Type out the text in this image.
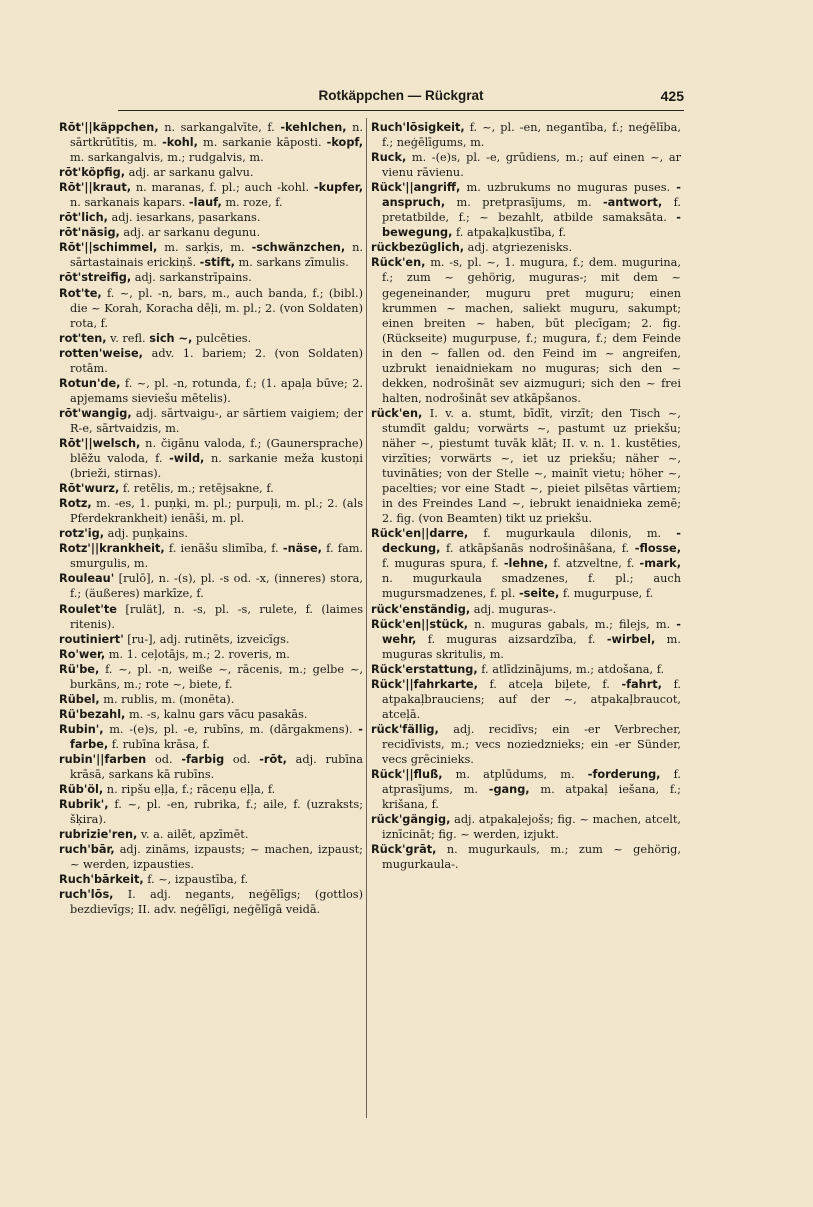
Rotkäppchen — Rückgrat	425

Rōt'||käppchen, n. sarkangalvīte, f. -kehlchen, n. sārtkrūtītis, m. -kohl, m. sarkanie kāposti. -kopf, m. sarkangalvis, m.; rudgalvis, m.

rōt'köpfig, adj. ar sarkanu galvu.

Rōt'||kraut, n. maranas, f. pl.; auch -kohl. -kupfer, n. sarkanais kapars. -lauf, m. roze, f.

rōt'lich, adj. iesarkans, pasarkans.

rōt'näsig, adj. ar sarkanu degunu.

Rōt'||schimmel, m. sarķis, m. -schwänzchen, n. sārtastainais erickiņš. -stift, m. sarkans zīmulis.

rōt'streifig, adj. sarkanstrīpains.

Rot'te, f. ~, pl. -n, bars, m., auch banda, f.; (bibl.) die ~ Korah, Koracha dēļi, m. pl.; 2. (von Soldaten) rota, f.

rot'ten, v. refl. sich ~, pulcēties.

rotten'weise, adv. 1. bariem; 2. (von Soldaten) rotām.

Rotun'de, f. ~, pl. -n, rotunda, f.; (1. apaļa būve; 2. apjemams sieviešu mētelis).

rōt'wangig, adj. sārtvaigu-, ar sārtiem vaigiem; der R-e, sārtvaidzis, m.

Rōt'||welsch, n. čigānu valoda, f.; (Gaunersprache) blēžu valoda, f. -wild, n. sarkanie meža kustoņi (brieži, stirnas).

Rōt'wurz, f. retēlis, m.; retējsakne, f.

Rotz, m. -es, 1. puņķi, m. pl.; purpuļi, m. pl.; 2. (als Pferdekrankheit) ienāši, m. pl.

rotz'ig, adj. puņķains.

Rotz'||krankheit, f. ienāšu slimība, f. -näse, f. fam. smurgulis, m.

Rouleau' [rulō], n. -(s), pl. -s od. -x, (inneres) stora, f.; (äußeres) markīze, f.

Roulet'te [rulät], n. -s, pl. -s, rulete, f. (laimes ritenis).

routiniert' [ru-], adj. rutinēts, izveicīgs.

Ro'wer, m. 1. ceļotājs, m.; 2. roveris, m.

Rü'be, f. ~, pl. -n, weiße ~, rācenis, m.; gelbe ~, burkāns, m.; rote ~, biete, f.

Rübel, m. rublis, m. (monēta).

Rü'bezahl, m. -s, kalnu gars vācu pasakās.

Rubin', m. -(e)s, pl. -e, rubīns, m. (dārgakmens). -farbe, f. rubīna krāsa, f.

rubin'||farben od. -farbig od. -rōt, adj. rubīna krāsā, sarkans kā rubīns.

Rüb'öl, n. ripšu eļļa, f.; rāceņu eļļa, f.

Rubrik', f. ~, pl. -en, rubrika, f.; aile, f. (uzraksts; šķira).

rubrizie'ren, v. a. ailēt, apzīmēt.

ruch'bār, adj. zināms, izpausts; ~ machen, izpaust; ~ werden, izpausties.

Ruch'bārkeit, f. ~, izpaustība, f.

ruch'lōs, I. adj. negants, neģēlīgs; (gottlos) bezdievīgs; II. adv. neģēlīgi, neģēlīgā veidā.

Ruch'lōsigkeit, f. ~, pl. -en, negantība, f.; neģēlība, f.; neģēlīgums, m.

Ruck, m. -(e)s, pl. -e, grūdiens, m.; auf einen ~, ar vienu rāvienu.

Rück'||angriff, m. uzbrukums no muguras puses. -anspruch, m. pretprasījums, m. -antwort, f. pretatbilde, f.; ~ bezahlt, atbilde samaksāta. -bewegung, f. atpakaļkustība, f.

rückbezüglich, adj. atgriezenisks.

Rück'en, m. -s, pl. ~, 1. mugura, f.; dem. mugurina, f.; zum ~ gehörig, muguras-; mit dem ~ gegeneinander, muguru pret muguru; einen krummen ~ machen, saliekt muguru, sakumpt; einen breiten ~ haben, būt plecīgam; 2. fig. (Rückseite) mugurpuse, f.; mugura, f.; dem Feinde in den ~ fallen od. den Feind im ~ angreifen, uzbrukt ienaidniekam no muguras; sich den ~ dekken, nodrošināt sev aizmuguri; sich den ~ frei halten, nodrošināt sev atkāpšanos.

rück'en, I. v. a. stumt, bīdīt, virzīt; den Tisch ~, stumdīt galdu; vorwärts ~, pastumt uz priekšu; näher ~, piestumt tuvāk klāt; II. v. n. 1. kustēties, virzīties; vorwärts ~, iet uz priekšu; näher ~, tuvināties; von der Stelle ~, mainīt vietu; höher ~, pacelties; vor eine Stadt ~, pieiet pilsētas vārtiem; in des Freindes Land ~, iebrukt ienaidnieka zemē; 2. fig. (von Beamten) tikt uz priekšu.

Rück'en||darre, f. mugurkaula dilonis, m. -deckung, f. atkāpšanās nodrošināšana, f. -flosse, f. muguras spura, f. -lehne, f. atzveltne, f. -mark, n. mugurkaula smadzenes, f. pl.; auch mugursmadzenes, f. pl. -seite, f. mugurpuse, f.

rück'enständig, adj. muguras-.

Rück'en||stück, n. muguras gabals, m.; filejs, m. -wehr, f. muguras aizsardzība, f. -wirbel, m. muguras skritulis, m.

Rück'erstattung, f. atlīdzinājums, m.; atdošana, f.

Rück'||fahrkarte, f. atceļa biļete, f. -fahrt, f. atpakaļbrauciens; auf der ~, atpakaļbraucot, atceļā.

rück'fällig, adj. recidīvs; ein -er Verbrecher, recidīvists, m.; vecs noziedznieks; ein -er Sünder, vecs grēcinieks.

Rück'||fluß, m. atplūdums, m. -forderung, f. atprasījums, m. -gang, m. atpakaļ iešana, f.; krišana, f.

rück'gängig, adj. atpakaļejošs; fig. ~ machen, atcelt, iznīcināt; fig. ~ werden, izjukt.

Rück'grāt, n. mugurkauls, m.; zum ~ gehörig, mugurkaula-.
